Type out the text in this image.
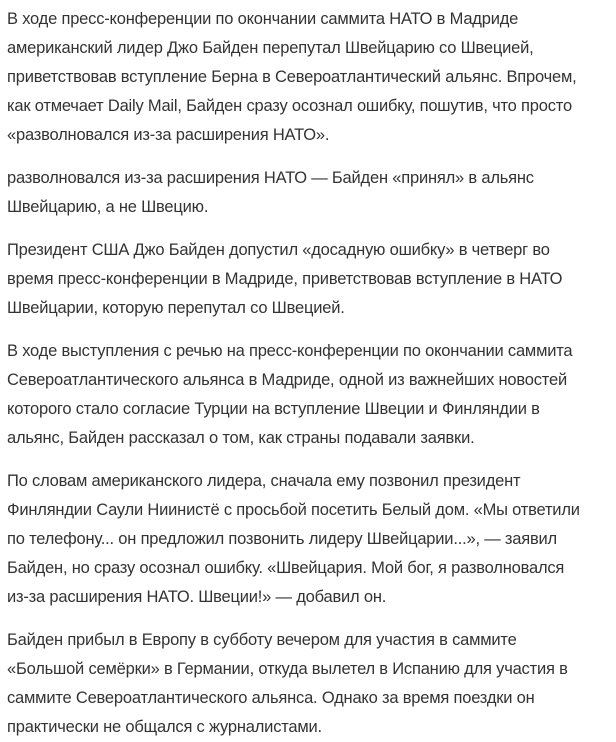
В ходе пресс-конференции по окончании саммита НАТО в Мадриде
американский лидер Джо Байден перепутал Швейцарию со Швецией,
приветствовав вступление Берна в Североатлантический альянс. Впрочем,
как отмечает Daily Mail, Байден сразу осознал ошибку, пошутив, что просто
«разволновался из-за расширения НАТО».

разволновался из-за расширения НАТО — Байден «принял» в альянс
Швейцарию, а не Швецию.

Президент США Джо Байден допустил «досадную ошибку» в четверг во
время пресс-конференции в Мадриде, приветствовав вступление в НАТО
Швейцарии, которую перепутал со Швецией.

В ходе выступления с речью на пресс-конференции по окончании саммита
Североатлантического альянса в Мадриде, одной из важнейших новостей
которого стало согласие Турции на вступление Швеции и Финляндии в
альянс, Байден рассказал о том, как страны подавали заявки.

По словам американского лидера, сначала ему позвонил президент
Финляндии Саули Ниинистё с просьбой посетить Белый дом. «Мы ответили
по телефону... он предложил позвонить лидеру Швейцарии...», — заявил
Байден, но сразу осознал ошибку. «Швейцария. Мой бог, я разволновался
из-за расширения НАТО. Швеции!» — добавил он.

Байден прибыл в Европу в субботу вечером для участия в саммите
«Большой семёрки» в Германии, откуда вылетел в Испанию для участия в
саммите Североатлантического альянса. Однако за время поездки он
практически не общался с журналистами.
